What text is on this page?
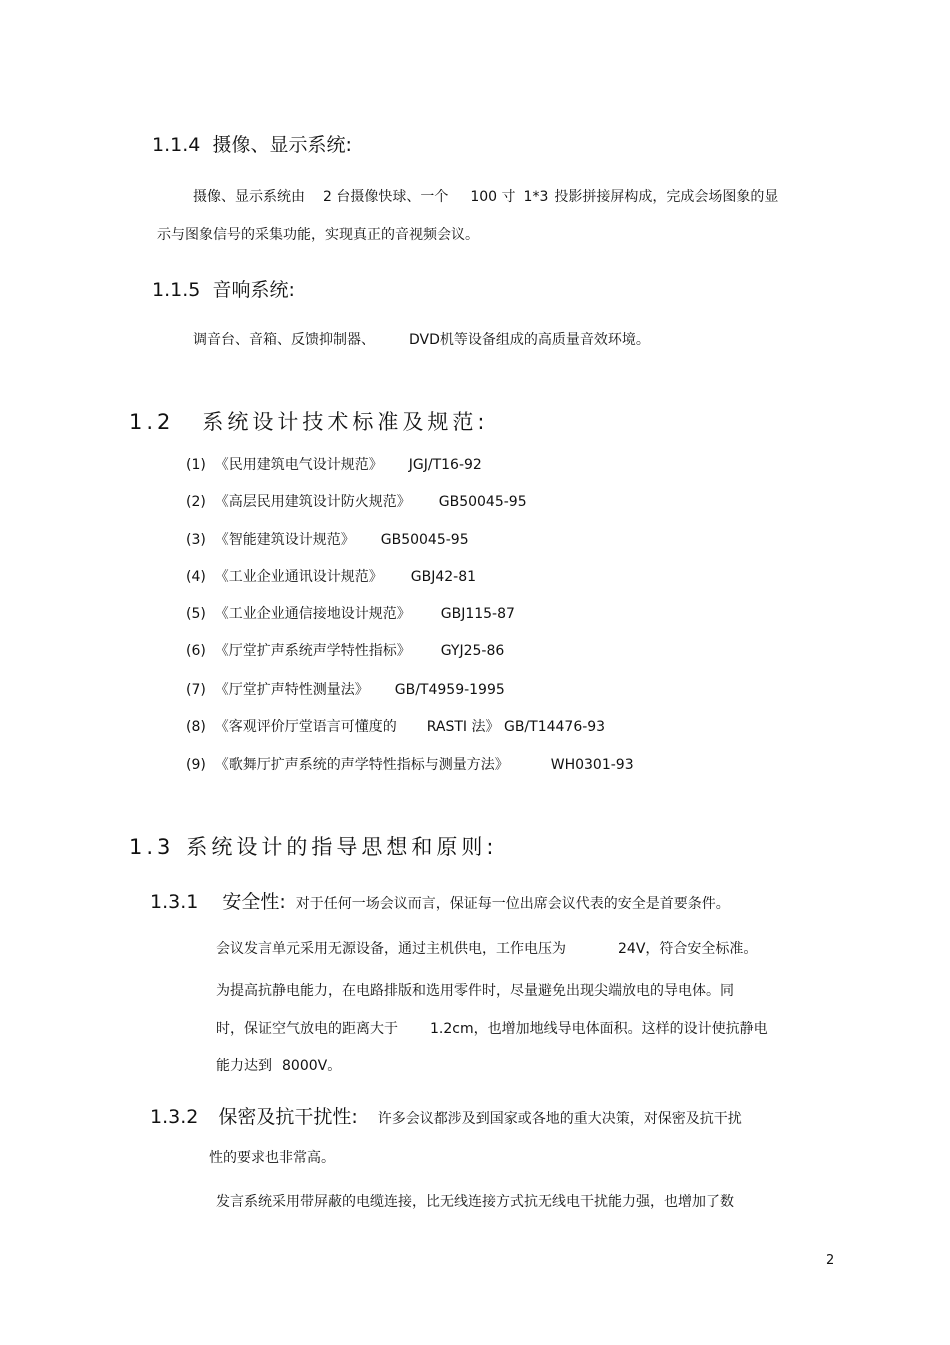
1.1.4 摄像、显示系统:
摄像、显示系统由 2 台摄像快球、一个 100 寸 1*3 投影拼接屏构成，完成会场图象的显
示与图象信号的采集功能，实现真正的音视频会议。
1.1.5 音响系统:
调音台、音箱、反馈抑制器、 DVD机等设备组成的高质量音效环境。
1.2 系统设计技术标准及规范:
(1) 《民用建筑电气设计规范》 JGJ/T16-92
(2) 《高层民用建筑设计防火规范》 GB50045-95
(3) 《智能建筑设计规范》 GB50045-95
(4) 《工业企业通讯设计规范》 GBJ42-81
(5) 《工业企业通信接地设计规范》 GBJ115-87
(6) 《厅堂扩声系统声学特性指标》 GYJ25-86
(7) 《厅堂扩声特性测量法》 GB/T4959-1995
(8) 《客观评价厅堂语言可懂度的 RASTI 法》 GB/T14476-93
(9) 《歌舞厅扩声系统的声学特性指标与测量方法》	WH0301-93
1.3 系统设计的指导思想和原则:
1.3.1 安全性: 对于任何一场会议而言，保证每一位出席会议代表的安全是首要条件。
会议发言单元采用无源设备，通过主机供电，工作电压为	24V，符合安全标准。
为提高抗静电能力，在电路排版和选用零件时，尽量避免出现尖端放电的导电体。同
时，保证空气放电的距离大于 1.2cm，也增加地线导电体面积。这样的设计使抗静电
能力达到 8000V。
1.3.2 保密及抗干扰性: 许多会议都涉及到国家或各地的重大决策，对保密及抗干扰
性的要求也非常高。
发言系统采用带屏蔽的电缆连接，比无线连接方式抗无线电干扰能力强，也增加了数
2
